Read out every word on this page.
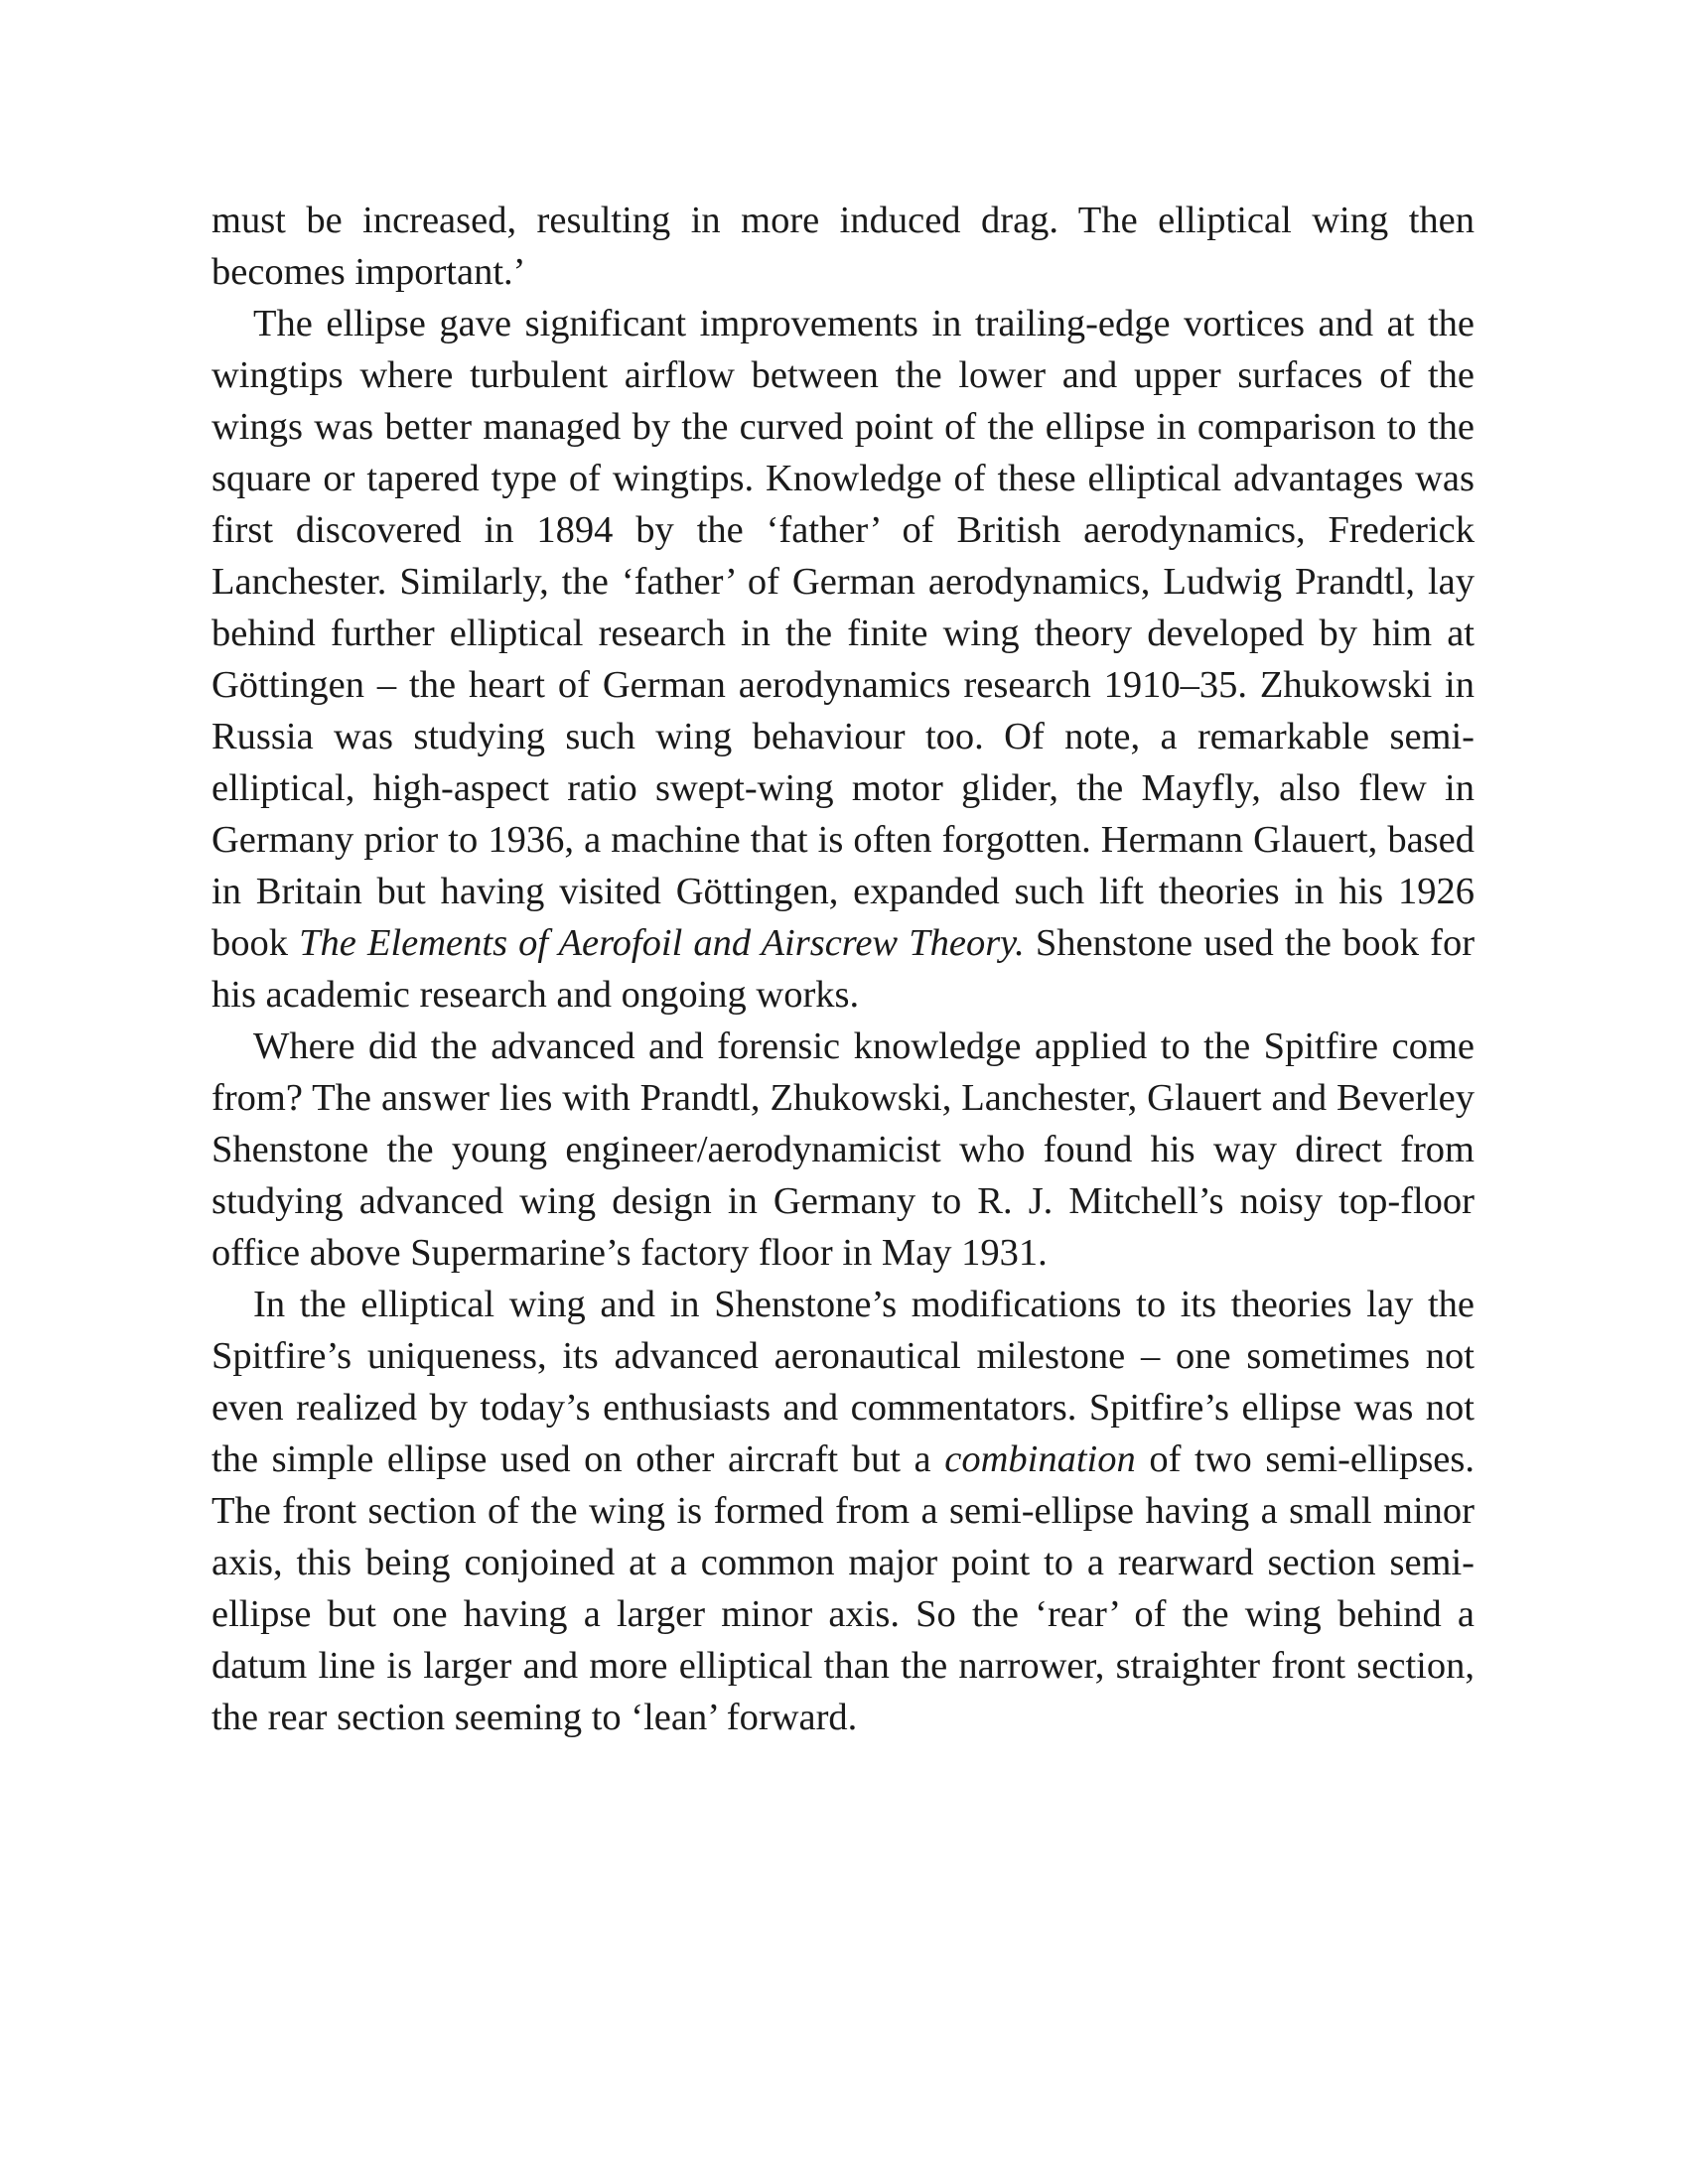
must be increased, resulting in more induced drag. The elliptical wing then becomes important.’

The ellipse gave significant improvements in trailing-edge vortices and at the wingtips where turbulent airflow between the lower and upper surfaces of the wings was better managed by the curved point of the ellipse in comparison to the square or tapered type of wingtips. Knowledge of these elliptical advantages was first discovered in 1894 by the ‘father’ of British aerodynamics, Frederick Lanchester. Similarly, the ‘father’ of German aerodynamics, Ludwig Prandtl, lay behind further elliptical research in the finite wing theory developed by him at Göttingen – the heart of German aerodynamics research 1910–35. Zhukowski in Russia was studying such wing behaviour too. Of note, a remarkable semi-elliptical, high-aspect ratio swept-wing motor glider, the Mayfly, also flew in Germany prior to 1936, a machine that is often forgotten. Hermann Glauert, based in Britain but having visited Göttingen, expanded such lift theories in his 1926 book The Elements of Aerofoil and Airscrew Theory. Shenstone used the book for his academic research and ongoing works.

Where did the advanced and forensic knowledge applied to the Spitfire come from? The answer lies with Prandtl, Zhukowski, Lanchester, Glauert and Beverley Shenstone the young engineer/aerodynamicist who found his way direct from studying advanced wing design in Germany to R. J. Mitchell’s noisy top-floor office above Supermarine’s factory floor in May 1931.

In the elliptical wing and in Shenstone’s modifications to its theories lay the Spitfire’s uniqueness, its advanced aeronautical milestone – one sometimes not even realized by today’s enthusiasts and commentators. Spitfire’s ellipse was not the simple ellipse used on other aircraft but a combination of two semi-ellipses. The front section of the wing is formed from a semi-ellipse having a small minor axis, this being conjoined at a common major point to a rearward section semi-ellipse but one having a larger minor axis. So the ‘rear’ of the wing behind a datum line is larger and more elliptical than the narrower, straighter front section, the rear section seeming to ‘lean’ forward.
